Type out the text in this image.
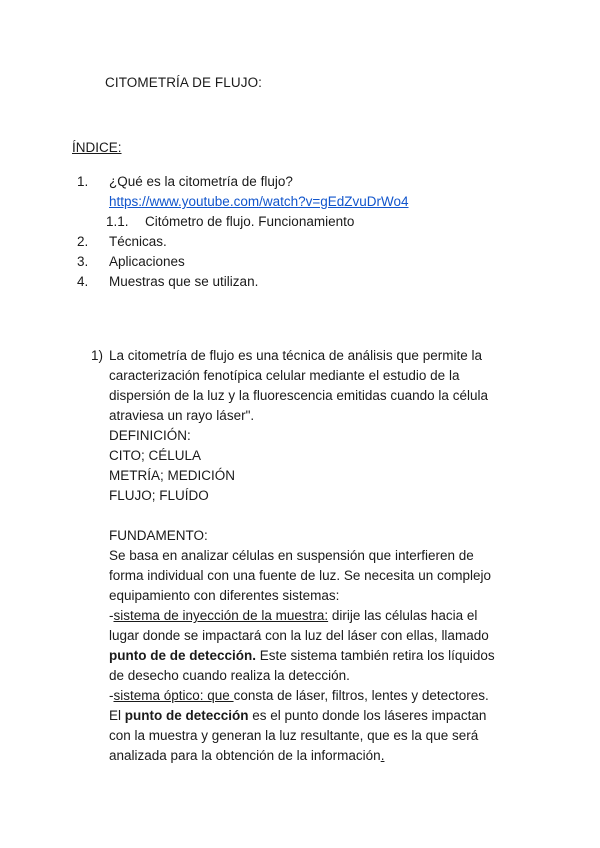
CITOMETRÍA DE FLUJO:
ÍNDICE:
1. ¿Qué es la citometría de flujo?
https://www.youtube.com/watch?v=gEdZvuDrWo4
1.1. Citómetro de flujo. Funcionamiento
2. Técnicas.
3. Aplicaciones
4. Muestras que se utilizan.
1) La citometría de flujo es una técnica de análisis que permite la
caracterización fenotípica celular mediante el estudio de la
dispersión de la luz y la fluorescencia emitidas cuando la célula
atraviesa un rayo láser".
DEFINICIÓN:
CITO; CÉLULA
METRÍA; MEDICIÓN
FLUJO; FLUÍDO
FUNDAMENTO:
Se basa en analizar células en suspensión que interfieren de
forma individual con una fuente de luz. Se necesita un complejo
equipamiento con diferentes sistemas:
-sistema de inyección de la muestra: dirije las células hacia el
lugar donde se impactará con la luz del láser con ellas, llamado
punto de de detección. Este sistema también retira los líquidos
de desecho cuando realiza la detección.
-sistema óptico: que consta de láser, filtros, lentes y detectores.
El punto de detección es el punto donde los láseres impactan
con la muestra y generan la luz resultante, que es la que será
analizada para la obtención de la información.
